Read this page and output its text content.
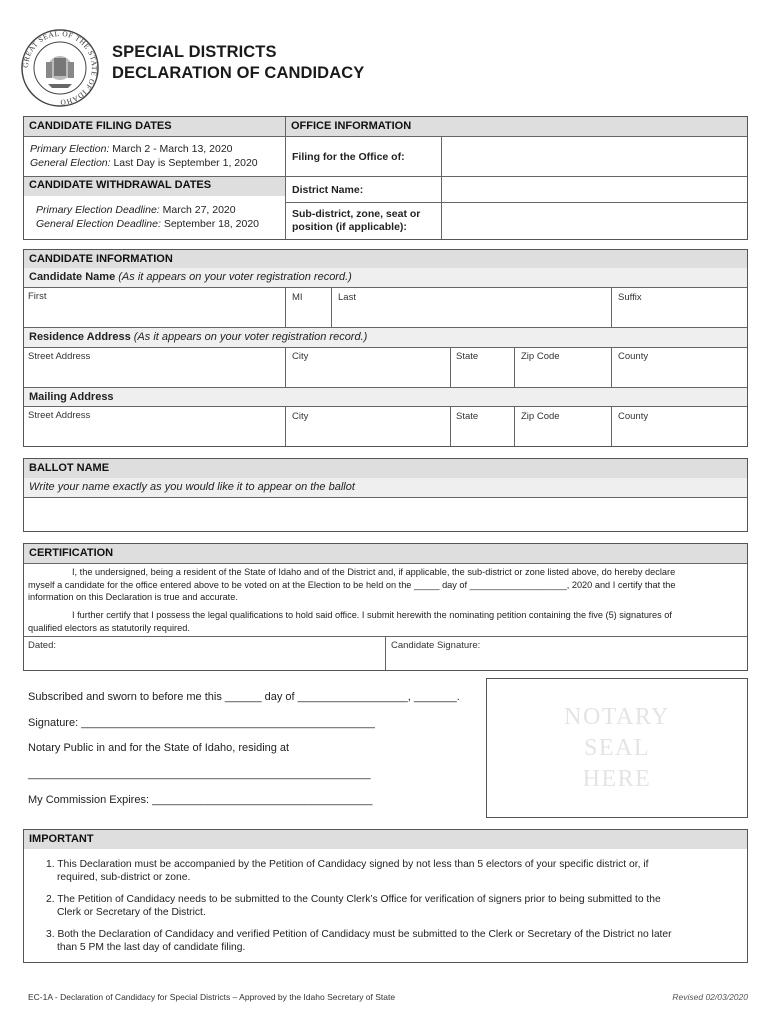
GREAT SEAL OF THE STATE OF IDAHO
SPECIAL DISTRICTS
DECLARATION OF CANDIDACY
CANDIDATE FILING DATES	OFFICE INFORMATION
Primary Election: March 2 - March 13, 2020
General Election: Last Day is September 1, 2020
CANDIDATE WITHDRAWAL DATES
Primary Election Deadline: March 27, 2020
General Election Deadline: September 18, 2020
Filing for the Office of:
District Name:
Sub-district, zone, seat or
position (if applicable):
CANDIDATE INFORMATION
Candidate Name (As it appears on your voter registration record.)
First	MI	Last	Suffix
Residence Address (As it appears on your voter registration record.)
Street Address	City	State	Zip Code	County
Mailing Address
Street Address	City	State	Zip Code	County
BALLOT NAME
Write your name exactly as you would like it to appear on the ballot
CERTIFICATION
I, the undersigned, being a resident of the State of Idaho and of the District and, if applicable, the sub-district or zone listed above, do hereby declare
myself a candidate for the office entered above to be voted on at the Election to be held on the _____ day of ___________________, 2020 and I certify that the
information on this Declaration is true and accurate.
I further certify that I possess the legal qualifications to hold said office. I submit herewith the nominating petition containing the five (5) signatures of
qualified electors as statutorily required.
Dated:	Candidate Signature:
Subscribed and sworn to before me this ______ day of __________________, _______.
Signature: ________________________________________________
Notary Public in and for the State of Idaho, residing at
________________________________________________________
My Commission Expires: ____________________________________
NOTARY
SEAL
HERE
IMPORTANT
1. This Declaration must be accompanied by the Petition of Candidacy signed by not less than 5 electors of your specific district or, if
required, sub-district or zone.
2. The Petition of Candidacy needs to be submitted to the County Clerk’s Office for verification of signers prior to being submitted to the
Clerk or Secretary of the District.
3. Both the Declaration of Candidacy and verified Petition of Candidacy must be submitted to the Clerk or Secretary of the District no later
than 5 PM the last day of candidate filing.
EC-1A - Declaration of Candidacy for Special Districts – Approved by the Idaho Secretary of State	Revised 02/03/2020
